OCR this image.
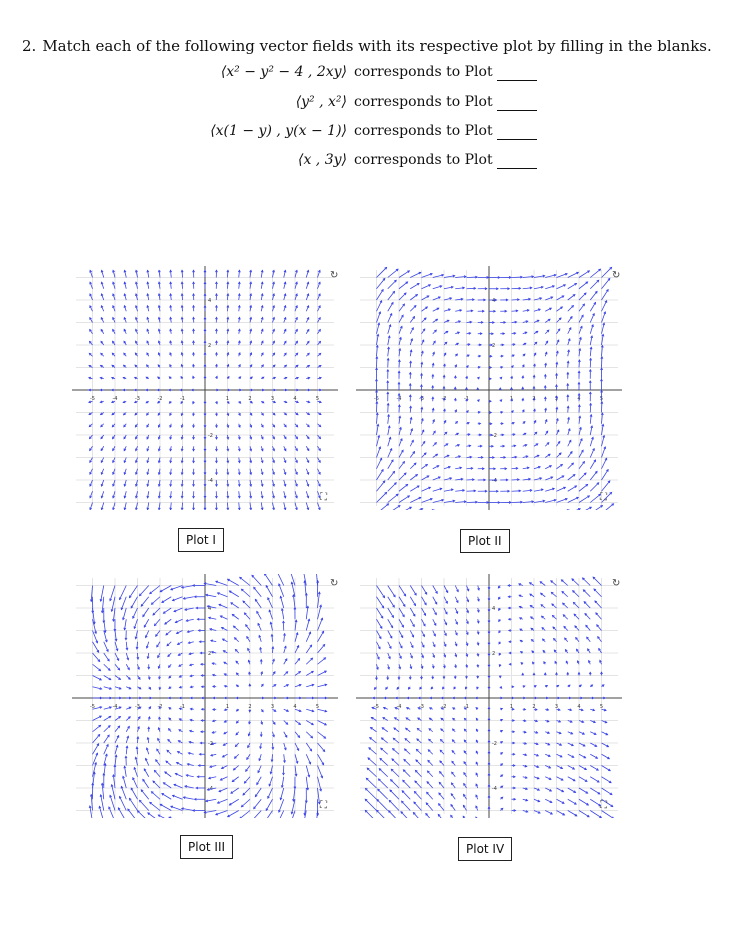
2. Match each of the following vector fields with its respective plot by filling in the blanks.
⟨x² − y² − 4 , 2xy⟩ corresponds to Plot
⟨y² , x²⟩ corresponds to Plot
⟨x(1 − y) , y(x − 1)⟩ corresponds to Plot
⟨x , 3y⟩ corresponds to Plot
-5	-4
-4
-3	-2
-2
-1	1	2
2
3	4
4
5
↻
⛶
-5	-4
-4
-3	-2
-2
-1	1	2
2
3	4
4
5
↻
⛶
-5	-4
-4
-3	-2
-2
-1	1	2
2
3	4
4
5
↻
⛶
-5	-4
-4
-3	-2
-2
-1	1	2
2
3	4
4
5
↻
⛶
Plot I	Plot II
Plot III	Plot IV
